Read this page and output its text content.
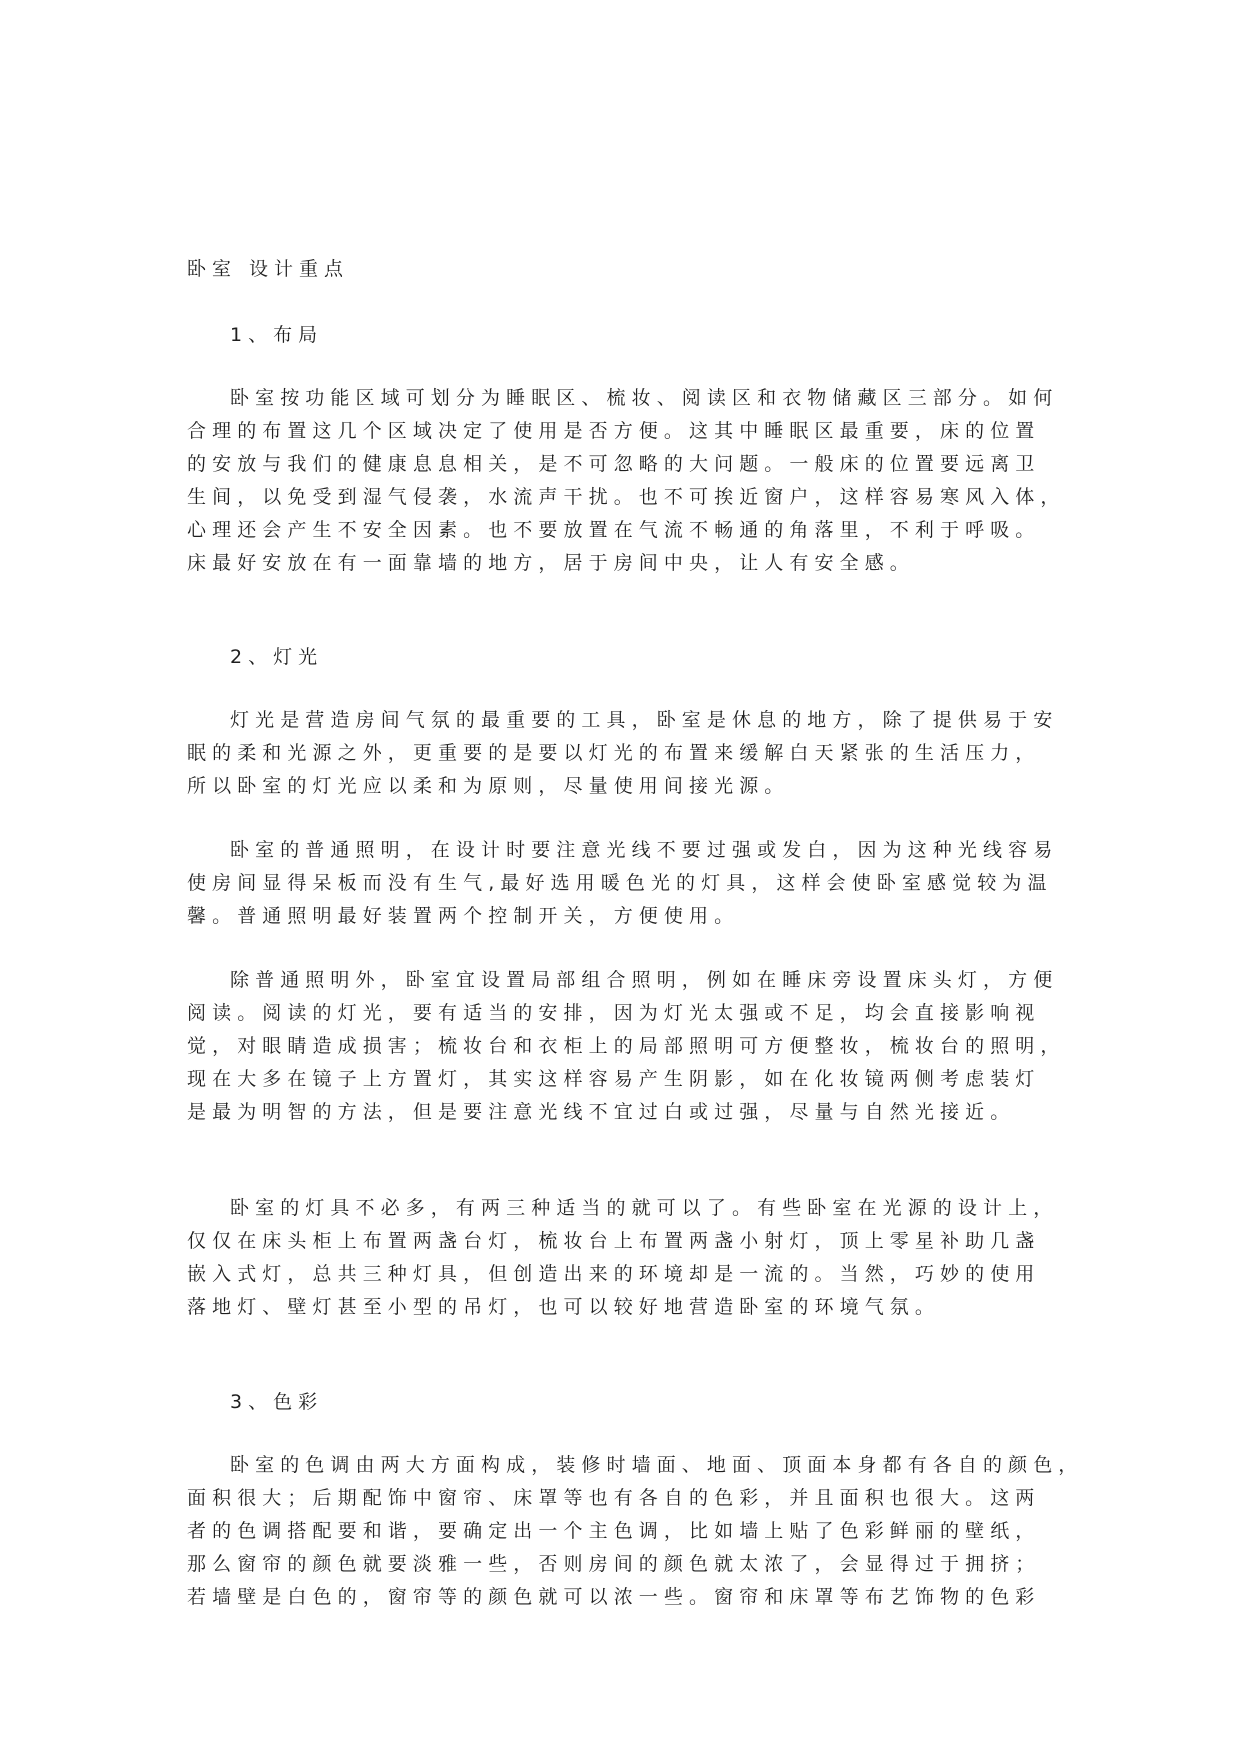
卧室 设计重点
1、布局
卧室按功能区域可划分为睡眠区、梳妆、阅读区和衣物储藏区三部分。如何
合理的布置这几个区域决定了使用是否方便。这其中睡眠区最重要，床的位置
的安放与我们的健康息息相关，是不可忽略的大问题。一般床的位置要远离卫
生间，以免受到湿气侵袭，水流声干扰。也不可挨近窗户，这样容易寒风入体，
心理还会产生不安全因素。也不要放置在气流不畅通的角落里，不利于呼吸。
床最好安放在有一面靠墙的地方，居于房间中央，让人有安全感。
2、灯光
灯光是营造房间气氛的最重要的工具，卧室是休息的地方，除了提供易于安
眠的柔和光源之外，更重要的是要以灯光的布置来缓解白天紧张的生活压力，
所以卧室的灯光应以柔和为原则，尽量使用间接光源。
卧室的普通照明，在设计时要注意光线不要过强或发白，因为这种光线容易
使房间显得呆板而没有生气,最好选用暖色光的灯具，这样会使卧室感觉较为温
馨。普通照明最好装置两个控制开关，方便使用。
除普通照明外，卧室宜设置局部组合照明，例如在睡床旁设置床头灯，方便
阅读。阅读的灯光，要有适当的安排，因为灯光太强或不足，均会直接影响视
觉，对眼睛造成损害；梳妆台和衣柜上的局部照明可方便整妆，梳妆台的照明，
现在大多在镜子上方置灯，其实这样容易产生阴影，如在化妆镜两侧考虑装灯
是最为明智的方法，但是要注意光线不宜过白或过强，尽量与自然光接近。
卧室的灯具不必多，有两三种适当的就可以了。有些卧室在光源的设计上，
仅仅在床头柜上布置两盏台灯，梳妆台上布置两盏小射灯，顶上零星补助几盏
嵌入式灯，总共三种灯具，但创造出来的环境却是一流的。当然，巧妙的使用
落地灯、壁灯甚至小型的吊灯，也可以较好地营造卧室的环境气氛。
3、色彩
卧室的色调由两大方面构成，装修时墙面、地面、顶面本身都有各自的颜色，
面积很大；后期配饰中窗帘、床罩等也有各自的色彩，并且面积也很大。这两
者的色调搭配要和谐，要确定出一个主色调，比如墙上贴了色彩鲜丽的壁纸，
那么窗帘的颜色就要淡雅一些，否则房间的颜色就太浓了，会显得过于拥挤；
若墙壁是白色的，窗帘等的颜色就可以浓一些。窗帘和床罩等布艺饰物的色彩
